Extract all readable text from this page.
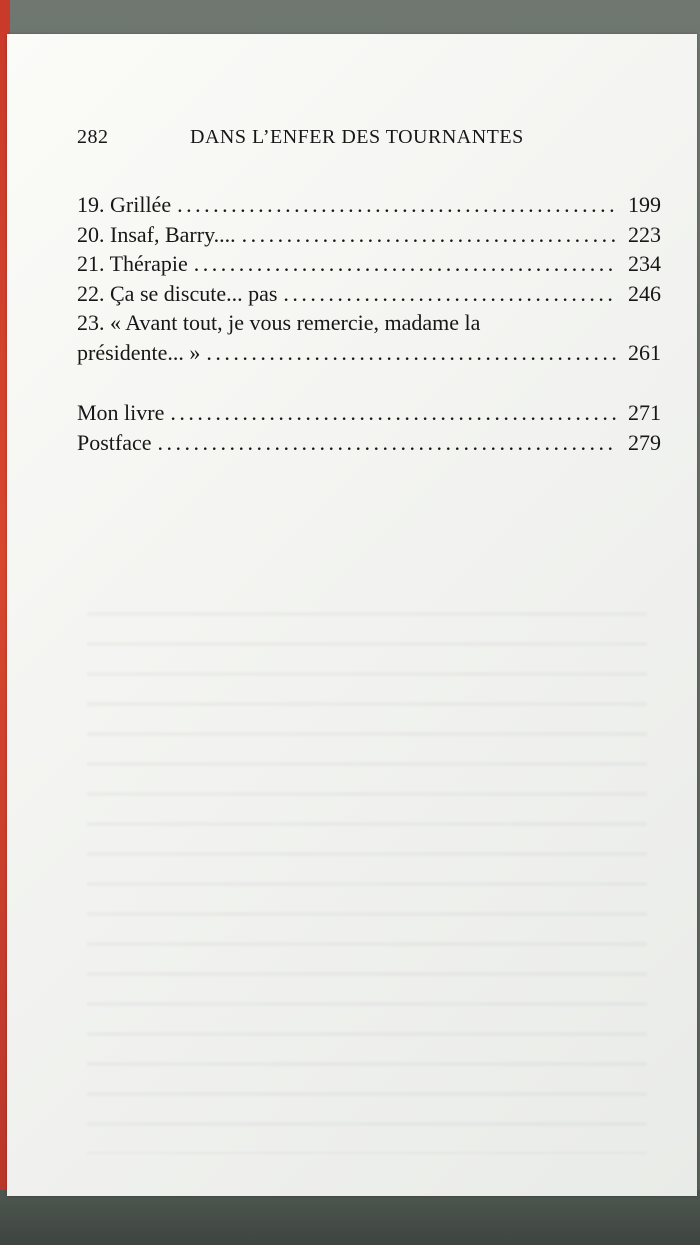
282	DANS L’ENFER DES TOURNANTES
19. Grillée . . .	199
20. Insaf, Barry.... . . .	223
21. Thérapie . . .	234
22. Ça se discute... pas . . .	246
23. « Avant tout, je vous remercie, madame la
présidente... » . . .	261
Mon livre . . .	271
Postface . . .	279
